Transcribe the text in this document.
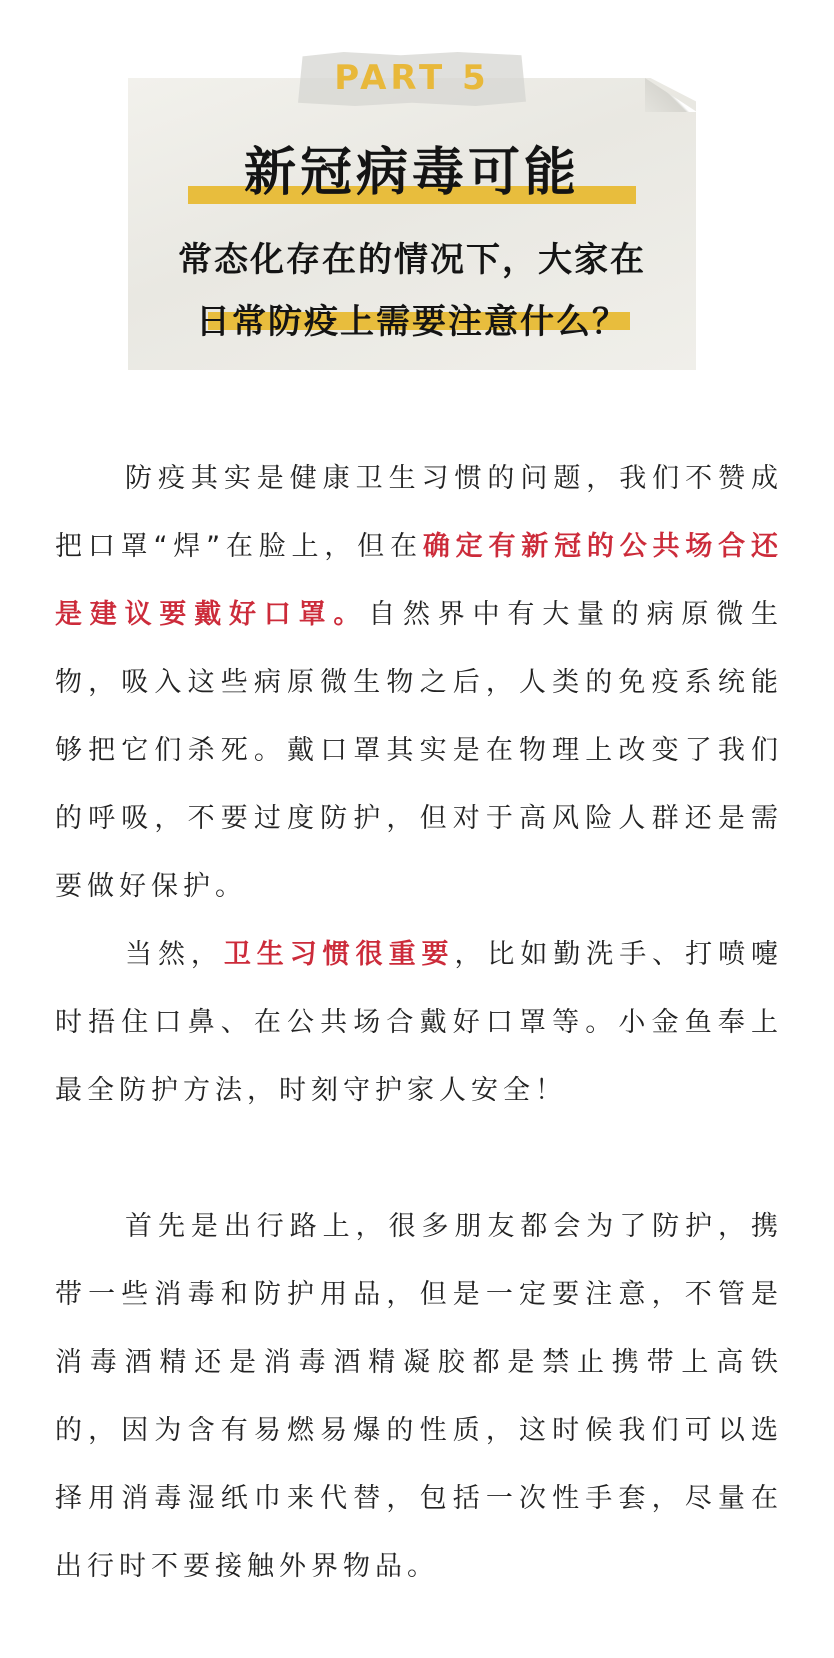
PART 5
新冠病毒可能
常态化存在的情况下，大家在
日常防疫上需要注意什么？

防疫其实是健康卫生习惯的问题，我们不赞成把口罩“焊”在脸上，但在确定有新冠的公共场合还是建议要戴好口罩。自然界中有大量的病原微生物，吸入这些病原微生物之后，人类的免疫系统能够把它们杀死。戴口罩其实是在物理上改变了我们的呼吸，不要过度防护，但对于高风险人群还是需要做好保护。

当然，卫生习惯很重要，比如勤洗手、打喷嚏时捂住口鼻、在公共场合戴好口罩等。小金鱼奉上最全防护方法，时刻守护家人安全！

首先是出行路上，很多朋友都会为了防护，携带一些消毒和防护用品，但是一定要注意，不管是消毒酒精还是消毒酒精凝胶都是禁止携带上高铁的，因为含有易燃易爆的性质，这时候我们可以选择用消毒湿纸巾来代替，包括一次性手套，尽量在出行时不要接触外界物品。
